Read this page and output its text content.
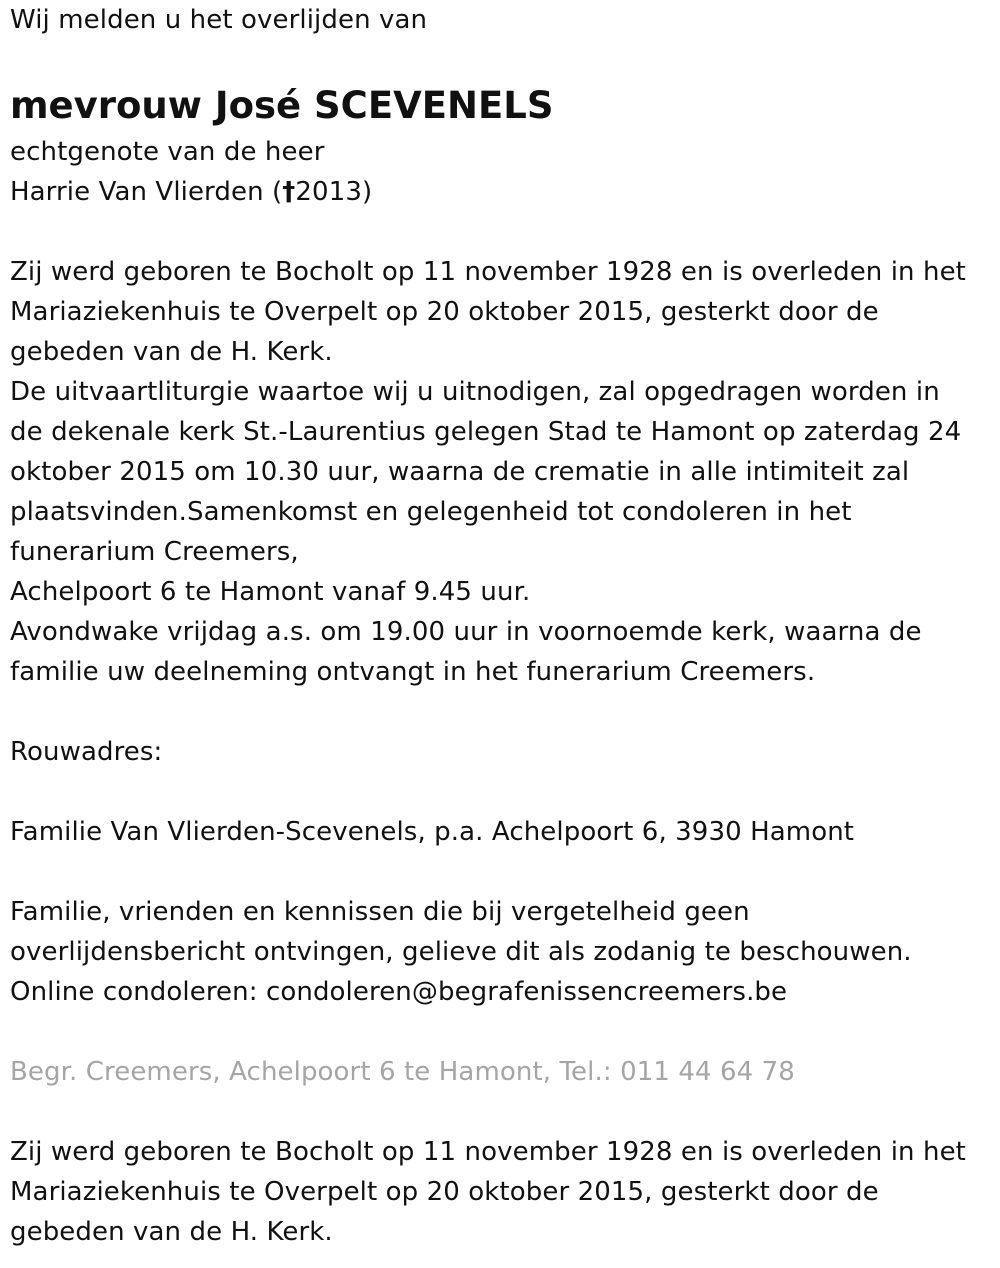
Wij melden u het overlijden van
mevrouw José SCEVENELS
echtgenote van de heer
Harrie Van Vlierden (†2013)
Zij werd geboren te Bocholt op 11 november 1928 en is overleden in het
Mariaziekenhuis te Overpelt op 20 oktober 2015, gesterkt door de
gebeden van de H. Kerk.
De uitvaartliturgie waartoe wij u uitnodigen, zal opgedragen worden in
de dekenale kerk St.-Laurentius gelegen Stad te Hamont op zaterdag 24
oktober 2015 om 10.30 uur, waarna de crematie in alle intimiteit zal
plaatsvinden.Samenkomst en gelegenheid tot condoleren in het
funerarium Creemers,
Achelpoort 6 te Hamont vanaf 9.45 uur.
Avondwake vrijdag a.s. om 19.00 uur in voornoemde kerk, waarna de
familie uw deelneming ontvangt in het funerarium Creemers.
Rouwadres:
Familie Van Vlierden-Scevenels, p.a. Achelpoort 6, 3930 Hamont
Familie, vrienden en kennissen die bij vergetelheid geen
overlijdensbericht ontvingen, gelieve dit als zodanig te beschouwen.
Online condoleren: condoleren@begrafenissencreemers.be
Begr. Creemers, Achelpoort 6 te Hamont, Tel.: 011 44 64 78
Zij werd geboren te Bocholt op 11 november 1928 en is overleden in het
Mariaziekenhuis te Overpelt op 20 oktober 2015, gesterkt door de
gebeden van de H. Kerk.
